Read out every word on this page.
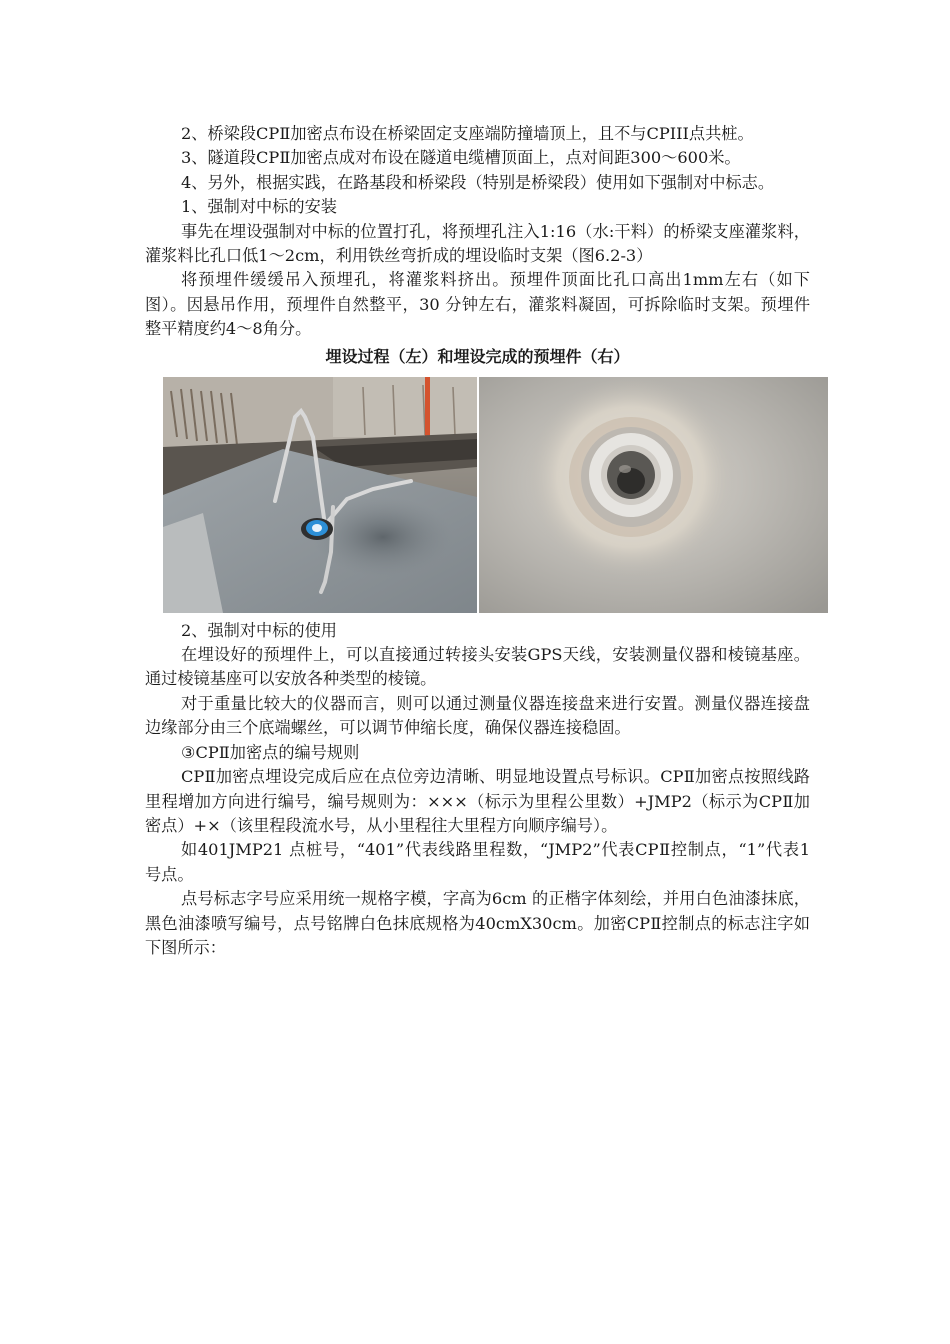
2、桥梁段CPⅡ加密点布设在桥梁固定支座端防撞墙顶上，且不与CPIII点共桩。

3、隧道段CPⅡ加密点成对布设在隧道电缆槽顶面上，点对间距300～600米。

4、另外，根据实践，在路基段和桥梁段（特别是桥梁段）使用如下强制对中标志。

1、强制对中标的安装

事先在埋设强制对中标的位置打孔，将预埋孔注入1:16（水:干料）的桥梁支座灌浆料，灌浆料比孔口低1～2cm，利用铁丝弯折成的埋设临时支架（图6.2-3）

将预埋件缓缓吊入预埋孔，将灌浆料挤出。预埋件顶面比孔口高出1mm左右（如下图）。因悬吊作用，预埋件自然整平，30 分钟左右，灌浆料凝固，可拆除临时支架。预埋件整平精度约4～8角分。

埋设过程（左）和埋设完成的预埋件（右）

2、强制对中标的使用

在埋设好的预埋件上，可以直接通过转接头安装GPS天线，安装测量仪器和棱镜基座。通过棱镜基座可以安放各种类型的棱镜。

对于重量比较大的仪器而言，则可以通过测量仪器连接盘来进行安置。测量仪器连接盘边缘部分由三个底端螺丝，可以调节伸缩长度，确保仪器连接稳固。

③CPⅡ加密点的编号规则

CPⅡ加密点埋设完成后应在点位旁边清晰、明显地设置点号标识。CPⅡ加密点按照线路里程增加方向进行编号，编号规则为：×××（标示为里程公里数）+JMP2（标示为CPⅡ加密点）+×（该里程段流水号，从小里程往大里程方向顺序编号）。

如401JMP21 点桩号，“401”代表线路里程数，“JMP2”代表CPⅡ控制点，“1”代表1 号点。

点号标志字号应采用统一规格字模，字高为6cm 的正楷字体刻绘，并用白色油漆抹底，黑色油漆喷写编号，点号铭牌白色抹底规格为40cmX30cm。加密CPⅡ控制点的标志注字如下图所示：
